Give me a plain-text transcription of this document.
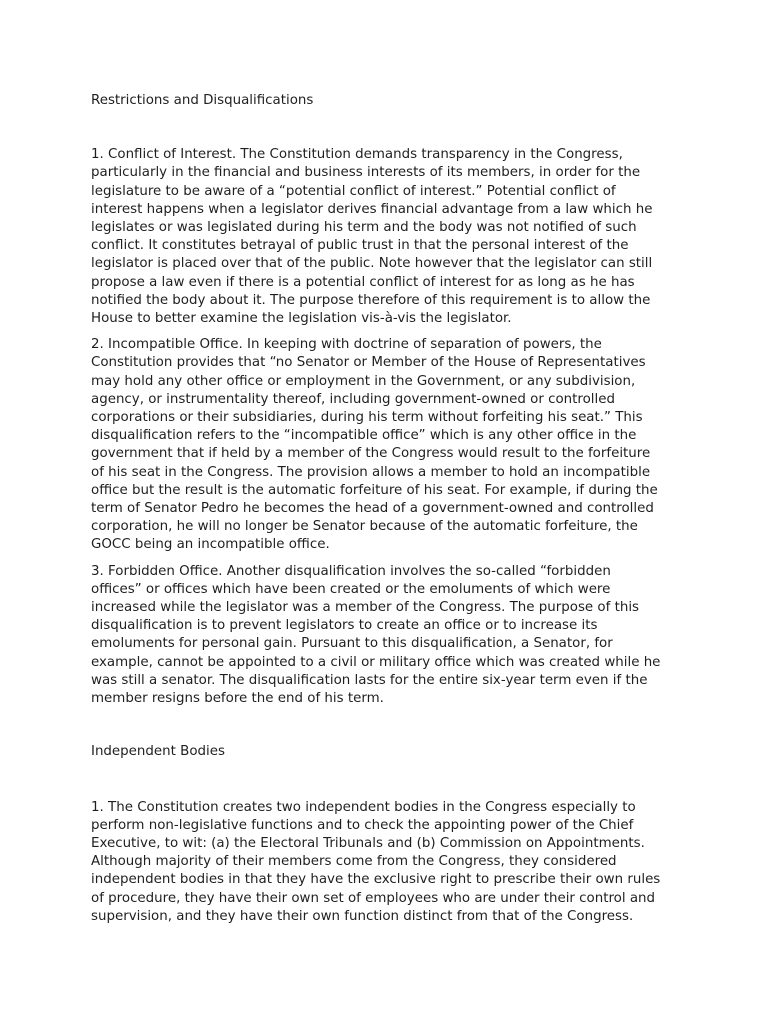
Restrictions and Disqualifications

1. Conflict of Interest. The Constitution demands transparency in the Congress,
particularly in the financial and business interests of its members, in order for the
legislature to be aware of a “potential conflict of interest.” Potential conflict of
interest happens when a legislator derives financial advantage from a law which he
legislates or was legislated during his term and the body was not notified of such
conflict. It constitutes betrayal of public trust in that the personal interest of the
legislator is placed over that of the public. Note however that the legislator can still
propose a law even if there is a potential conflict of interest for as long as he has
notified the body about it. The purpose therefore of this requirement is to allow the
House to better examine the legislation vis-à-vis the legislator.

2. Incompatible Office. In keeping with doctrine of separation of powers, the
Constitution provides that “no Senator or Member of the House of Representatives
may hold any other office or employment in the Government, or any subdivision,
agency, or instrumentality thereof, including government-owned or controlled
corporations or their subsidiaries, during his term without forfeiting his seat.” This
disqualification refers to the “incompatible office” which is any other office in the
government that if held by a member of the Congress would result to the forfeiture
of his seat in the Congress. The provision allows a member to hold an incompatible
office but the result is the automatic forfeiture of his seat. For example, if during the
term of Senator Pedro he becomes the head of a government-owned and controlled
corporation, he will no longer be Senator because of the automatic forfeiture, the
GOCC being an incompatible office.

3. Forbidden Office. Another disqualification involves the so-called “forbidden
offices” or offices which have been created or the emoluments of which were
increased while the legislator was a member of the Congress. The purpose of this
disqualification is to prevent legislators to create an office or to increase its
emoluments for personal gain. Pursuant to this disqualification, a Senator, for
example, cannot be appointed to a civil or military office which was created while he
was still a senator. The disqualification lasts for the entire six-year term even if the
member resigns before the end of his term.

Independent Bodies

1. The Constitution creates two independent bodies in the Congress especially to
perform non-legislative functions and to check the appointing power of the Chief
Executive, to wit: (a) the Electoral Tribunals and (b) Commission on Appointments.
Although majority of their members come from the Congress, they considered
independent bodies in that they have the exclusive right to prescribe their own rules
of procedure, they have their own set of employees who are under their control and
supervision, and they have their own function distinct from that of the Congress.
